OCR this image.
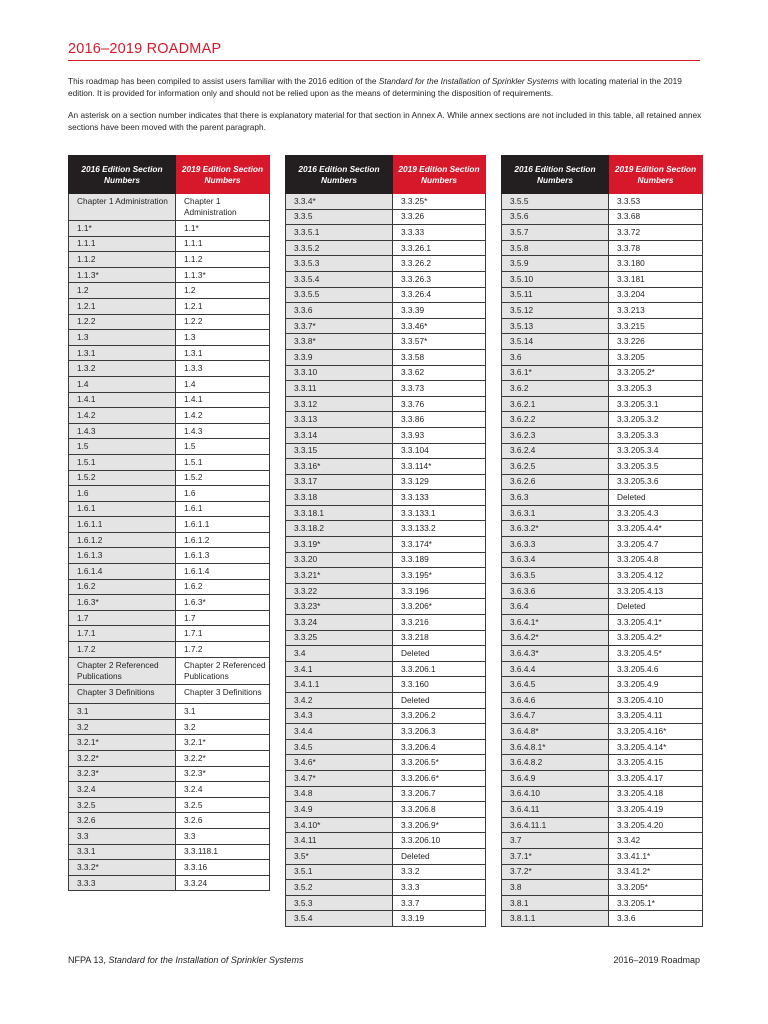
2016–2019 ROADMAP

This roadmap has been compiled to assist users familiar with the 2016 edition of the Standard for the Installation of Sprinkler Systems with locating material in the 2019 edition. It is provided for information only and should not be relied upon as the means of determining the disposition of requirements.

An asterisk on a section number indicates that there is explanatory material for that section in Annex A. While annex sections are not included in this table, all retained annex sections have been moved with the parent paragraph.

2016 Edition Section Numbers	2019 Edition Section Numbers
Chapter 1 Administration	Chapter 1 Administration
1.1*	1.1*
1.1.1	1.1.1
1.1.2	1.1.2
1.1.3*	1.1.3*
1.2	1.2
1.2.1	1.2.1
1.2.2	1.2.2
1.3	1.3
1.3.1	1.3.1
1.3.2	1.3.3
1.4	1.4
1.4.1	1.4.1
1.4.2	1.4.2
1.4.3	1.4.3
1.5	1.5
1.5.1	1.5.1
1.5.2	1.5.2
1.6	1.6
1.6.1	1.6.1
1.6.1.1	1.6.1.1
1.6.1.2	1.6.1.2
1.6.1.3	1.6.1.3
1.6.1.4	1.6.1.4
1.6.2	1.6.2
1.6.3*	1.6.3*
1.7	1.7
1.7.1	1.7.1
1.7.2	1.7.2
Chapter 2 Referenced Publications	Chapter 2 Referenced Publications
Chapter 3 Definitions	Chapter 3 Definitions
3.1	3.1
3.2	3.2
3.2.1*	3.2.1*
3.2.2*	3.2.2*
3.2.3*	3.2.3*
3.2.4	3.2.4
3.2.5	3.2.5
3.2.6	3.2.6
3.3	3.3
3.3.1	3.3.118.1
3.3.2*	3.3.16
3.3.3	3.3.24
2016 Edition Section Numbers	2019 Edition Section Numbers
3.3.4*	3.3.25*
3.3.5	3.3.26
3.3.5.1	3.3.33
3.3.5.2	3.3.26.1
3.3.5.3	3.3.26.2
3.3.5.4	3.3.26.3
3.3.5.5	3.3.26.4
3.3.6	3.3.39
3.3.7*	3.3.46*
3.3.8*	3.3.57*
3.3.9	3.3.58
3.3.10	3.3.62
3.3.11	3.3.73
3.3.12	3.3.76
3.3.13	3.3.86
3.3.14	3.3.93
3.3.15	3.3.104
3.3.16*	3.3.114*
3.3.17	3.3.129
3.3.18	3.3.133
3.3.18.1	3.3.133.1
3.3.18.2	3.3.133.2
3.3.19*	3.3.174*
3.3.20	3.3.189
3.3.21*	3.3.195*
3.3.22	3.3.196
3.3.23*	3.3.206*
3.3.24	3.3.216
3.3.25	3.3.218
3.4	Deleted
3.4.1	3.3.206.1
3.4.1.1	3.3.160
3.4.2	Deleted
3.4.3	3.3.206.2
3.4.4	3.3.206.3
3.4.5	3.3.206.4
3.4.6*	3.3.206.5*
3.4.7*	3.3.206.6*
3.4.8	3.3.206.7
3.4.9	3.3.206.8
3.4.10*	3.3.206.9*
3.4.11	3.3.206.10
3.5*	Deleted
3.5.1	3.3.2
3.5.2	3.3.3
3.5.3	3.3.7
3.5.4	3.3.19
2016 Edition Section Numbers	2019 Edition Section Numbers
3.5.5	3.3.53
3.5.6	3.3.68
3.5.7	3.3.72
3.5.8	3.3.78
3.5.9	3.3.180
3.5.10	3.3.181
3.5.11	3.3.204
3.5.12	3.3.213
3.5.13	3.3.215
3.5.14	3.3.226
3.6	3.3.205
3.6.1*	3.3.205.2*
3.6.2	3.3.205.3
3.6.2.1	3.3.205.3.1
3.6.2.2	3.3.205.3.2
3.6.2.3	3.3.205.3.3
3.6.2.4	3.3.205.3.4
3.6.2.5	3.3.205.3.5
3.6.2.6	3.3.205.3.6
3.6.3	Deleted
3.6.3.1	3.3.205.4.3
3.6.3.2*	3.3.205.4.4*
3.6.3.3	3.3.205.4.7
3.6.3.4	3.3.205.4.8
3.6.3.5	3.3.205.4.12
3.6.3.6	3.3.205.4.13
3.6.4	Deleted
3.6.4.1*	3.3.205.4.1*
3.6.4.2*	3.3.205.4.2*
3.6.4.3*	3.3.205.4.5*
3.6.4.4	3.3.205.4.6
3.6.4.5	3.3.205.4.9
3.6.4.6	3.3.205.4.10
3.6.4.7	3.3.205.4.11
3.6.4.8*	3.3.205.4.16*
3.6.4.8.1*	3.3.205.4.14*
3.6.4.8.2	3.3.205.4.15
3.6.4.9	3.3.205.4.17
3.6.4.10	3.3.205.4.18
3.6.4.11	3.3.205.4.19
3.6.4.11.1	3.3.205.4.20
3.7	3.3.42
3.7.1*	3.3.41.1*
3.7.2*	3.3.41.2*
3.8	3.3.205*
3.8.1	3.3.205.1*
3.8.1.1	3.3.6
NFPA 13, Standard for the Installation of Sprinkler Systems	2016–2019 Roadmap
